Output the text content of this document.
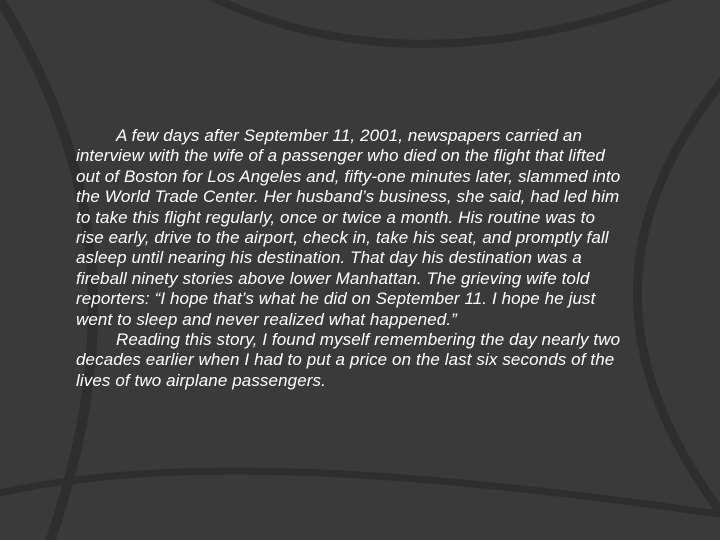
A few days after September 11, 2001, newspapers carried an interview with the wife of a passenger who died on the flight that lifted out of Boston for Los Angeles and, fifty-one minutes later, slammed into the World Trade Center. Her husband’s business, she said, had led him to take this flight regularly, once or twice a month. His routine was to rise early, drive to the airport, check in, take his seat, and promptly fall asleep until nearing his destination. That day his destination was a fireball ninety stories above lower Manhattan. The grieving wife told reporters: “I hope that’s what he did on September 11. I hope he just went to sleep and never realized what happened.”

Reading this story, I found myself remembering the day nearly two decades earlier when I had to put a price on the last six seconds of the lives of two airplane passengers.
